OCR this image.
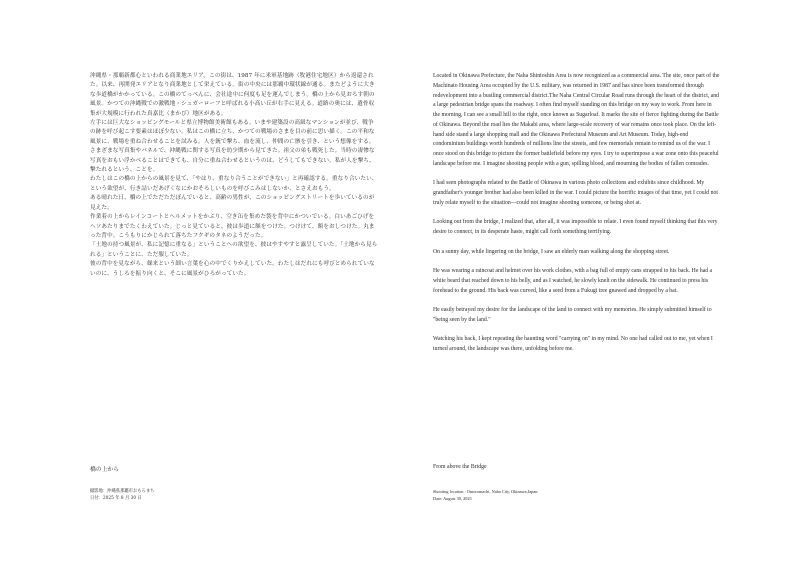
沖縄県・那覇新都心といわれる商業地エリア。この街は、1987 年に米軍基地跡（牧港住宅地区）から返還された。以来、再開発エリアとなり商業地として栄えている。街の中央には那覇中環状線が通る。またどように大きな歩道橋がかかっている。この橋のてっぺんに、会社途中に何度も足を運んでしまう。橋の上から見おろす朝の風景。かつての沖縄戦での激戦地・シュガーローフと呼ばれる小高い丘が右手に見える。道路の奥には、遺骨収集が大規模に行われた真嘉比（まかび）地区がある。

左手には巨大なショッピングモールと県立博物館美術館もある。いまや建築設の高級なマンションが並び、戦争の跡を呼び起こす要素はほぼ少ない。私はこの橋に立ち、かつての戦場のさまを目の前に思い描く。この平和な風景に、戦場を重ね合わせることを試みる。人を銃で撃ち、血を流し、仲間の亡骸を引き、という想像をする。

さまざまな写真集やパネルで、沖縄戦に関する写真を幼少期から見てきた。祖父の弟も戦死した。当時の凄惨な写真をおもい浮かべることはできても、自分に重ね合わせるというのは、どうしてもできない。私が人を撃ち、撃たれるという、ことを。

わたしはこの橋の上からの風景を見て、「やはり、重なり合うことができない」と再確認する。重なり合いたい、という欲望が、行き詰いだあげくなにかおそろしいものを呼びこみはしないか、とさえおもう。

ある晴れた日、橋の上でただただぼんでいると、高齢の男性が、このショッピングストリートを歩いているのが見えた。

作業着の上からレインコートとヘルメットをかぶり、空き缶を集めた袋を背中にかついでいる。白いあごひげをヘソあたりまでたくわえていた。じっと見ていると、彼は歩道に額をつけた。つけけて、額をおしつけた。丸まった背中。こうもりにかじられて落ちたフクギのタネのようだった。

「土地の持つ風景が、私に記憶に重なる」ということへの欲望を、彼はやすやすと露呈していた。「土地から見られる」ということに、ただ服していた。

彼の背中を見ながら、繰来という細い言葉を心の中でくりかえしていた。わたしはだれにも呼びとめられていないのに、うしろを振り向くと、そこに風景がひろがっていた。

橋の上から
撮影地：沖縄県那覇市おもろまち
日付：2025 年 8 月 30 日

Located in Okinawa Prefecture, the Naha Shintoshin Area is now recognized as a commercial area. The site, once part of the Machinato Housing Area occupied by the U.S. military, was returned in 1987 and has since been transformed through redevelopment into a bustling commercial district.The Naha Central Circular Road runs through the heart of the district, and a large pedestrian bridge spans the roadway. I often find myself standing on this bridge on my way to work. From here in the morning, I can see a small hill to the right, once known as Sugarloaf. It marks the site of fierce fighting during the Battle of Okinawa. Beyond the road lies the Makabi area, where large-scale recovery of war remains once took place. On the left-hand side stand a large shopping mall and the Okinawa Prefectural Museum and Art Museum. Today, high-end condominium buildings worth hundreds of millions line the streets, and few memorials remain to remind us of the war. I once stood on this bridge to picture the former battlefield before my eyes. I try to superimpose a war zone onto this peaceful landscape before me. I imagine shooting people with a gun, spilling blood, and mourning the bodies of fallen comrades.

I had seen photographs related to the Battle of Okinawa in various photo collections and exhibits since childhood. My grandfather's younger brother had also been killed in the war. I could picture the horrific images of that time, yet I could not truly relate myself to the situation—could not imagine shooting someone, or being shot at.

Looking out from the bridge, I realized that, after all, it was impossible to relate. I even found myself thinking that this very desire to connect, in its desperate haste, might call forth something terrifying.

On a sunny day, while lingering on the bridge, I saw an elderly man walking along the shopping street.

He was wearing a raincoat and helmet over his work clothes, with a bag full of empty cans strapped to his back. He had a white beard that reached down to his belly, and as I watched, he slowly knelt on the sidewalk. He continued to press his forehead to the ground. His back was curved, like a seed from a Fukugi tree gnawed and dropped by a bat.

He easily betrayed my desire for the landscape of the land to connect with my memories. He simply submitted himself to "being seen by the land."

Watching his back, I kept repeating the haunting word "carrying on" in my mind. No one had called out to me, yet when I turned around, the landscape was there, unfolding before me.

From above the Bridge
Shooting location : Omoromachi, Naha City, Okinawa,Japan.
Date: August 30, 2025
